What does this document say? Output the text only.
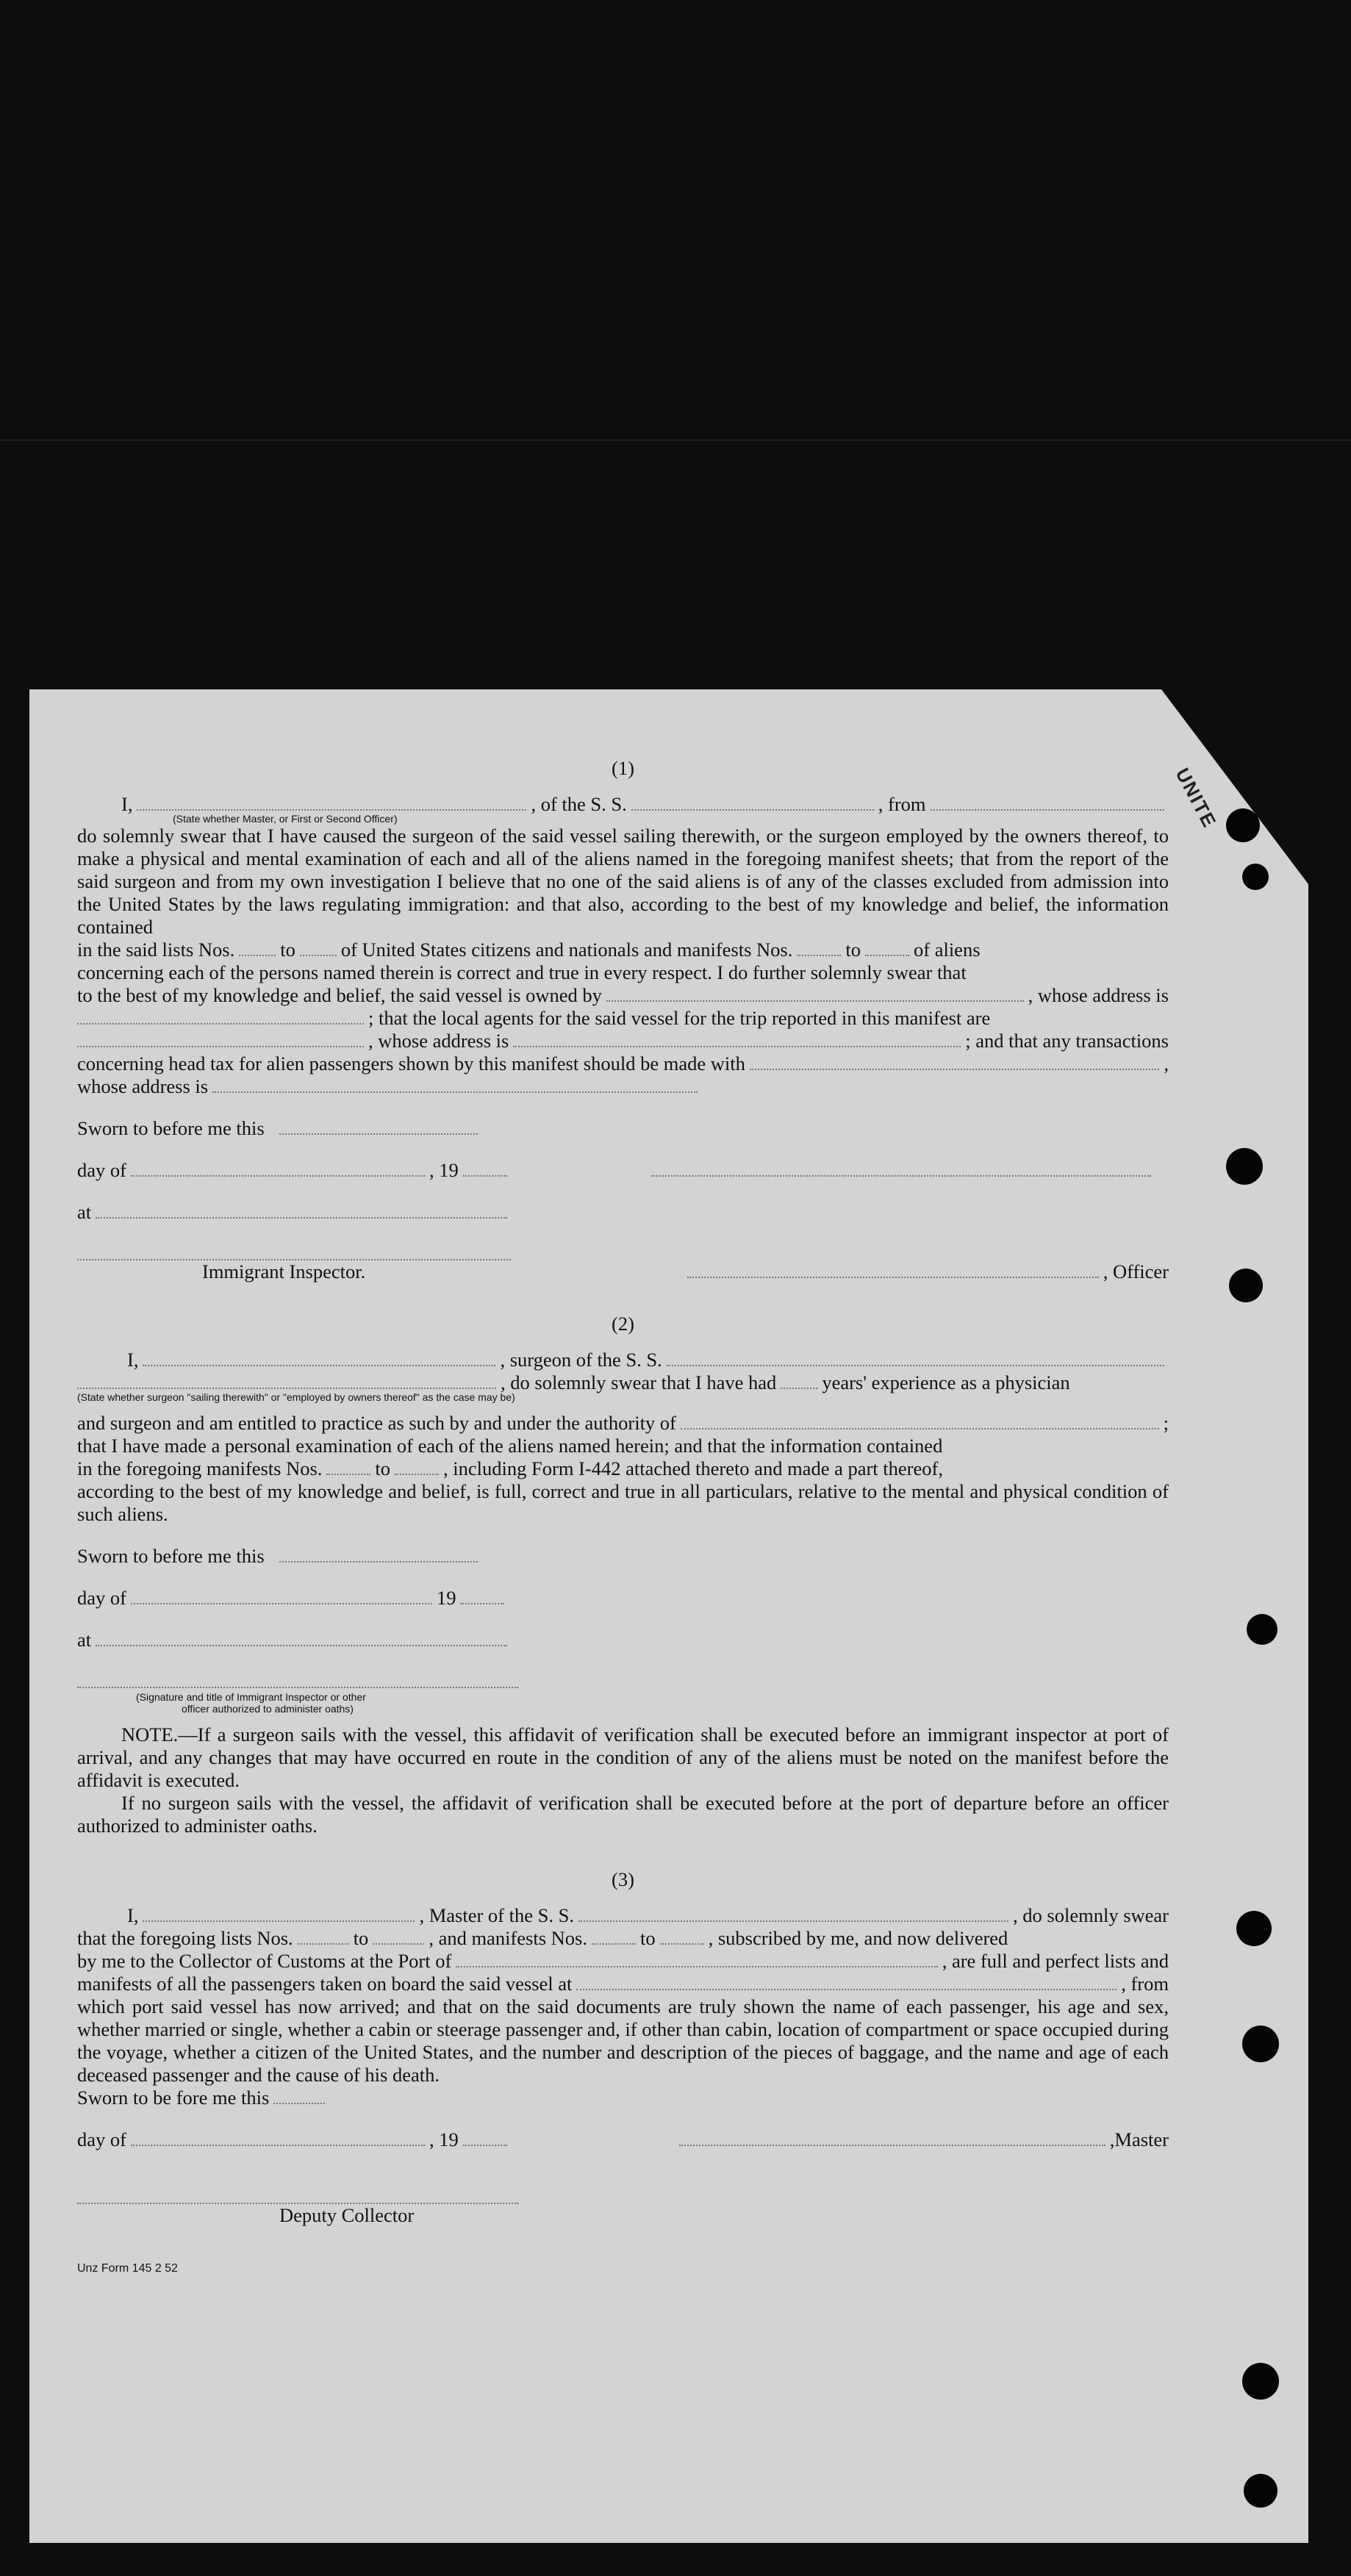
UNITE
(1)
I,	, of the S. S.	, from
(State whether Master, or First or Second Officer)

do solemnly swear that I have caused the surgeon of the said vessel sailing therewith, or the surgeon employed by the owners thereof, to make a physical and mental examination of each and all of the aliens named in the foregoing manifest sheets; that from the report of the said surgeon and from my own investigation I believe that no one of the said aliens is of any of the classes excluded from admission into the United States by the laws regulating immigration: and that also, according to the best of my knowledge and belief, the information contained

in the said lists Nos. to of United States citizens and nationals and manifests Nos.	to	of aliens

concerning each of the persons named therein is correct and true in every respect. I do further solemnly swear that

to the best of my knowledge and belief, the said vessel is owned by	, whose address is
; that the local agents for the said vessel for the trip reported in this manifest are
, whose address is	; and that any transactions
concerning head tax for alien passengers shown by this manifest should be made with	,
whose address is
Sworn to before me this
day of	, 19
at
Immigrant Inspector.	, Officer
(2)
I,	, surgeon of the S. S.
, do solemnly swear that I have had years' experience as a physician
(State whether surgeon "sailing therewith" or "employed by owners thereof" as the case may be)
and surgeon and am entitled to practice as such by and under the authority of	;

that I have made a personal examination of each of the aliens named herein; and that the information contained

in the foregoing manifests Nos.	to	, including Form I-442 attached thereto and made a part thereof,

according to the best of my knowledge and belief, is full, correct and true in all particulars, relative to the mental and physical condition of such aliens.

Sworn to before me this
day of	19
at
(Signature and title of Immigrant Inspector or other
officer authorized to administer oaths)

NOTE.—If a surgeon sails with the vessel, this affidavit of verification shall be executed before an immigrant inspector at port of arrival, and any changes that may have occurred en route in the condition of any of the aliens must be noted on the manifest before the affidavit is executed.

If no surgeon sails with the vessel, the affidavit of verification shall be executed before at the port of departure before an officer authorized to administer oaths.

(3)
I,	, Master of the S. S.	, do solemnly swear
that the foregoing lists Nos.	to	, and manifests Nos.	to	, subscribed by me, and now delivered
by me to the Collector of Customs at the Port of	, are full and perfect lists and
manifests of all the passengers taken on board the said vessel at	, from

which port said vessel has now arrived; and that on the said documents are truly shown the name of each passenger, his age and sex, whether married or single, whether a cabin or steerage passenger and, if other than cabin, location of compartment or space occupied during the voyage, whether a citizen of the United States, and the number and description of the pieces of baggage, and the name and age of each deceased passenger and the cause of his death.

Sworn to be fore me this
day of	, 19	,Master
Deputy Collector
Unz Form 145 2 52
